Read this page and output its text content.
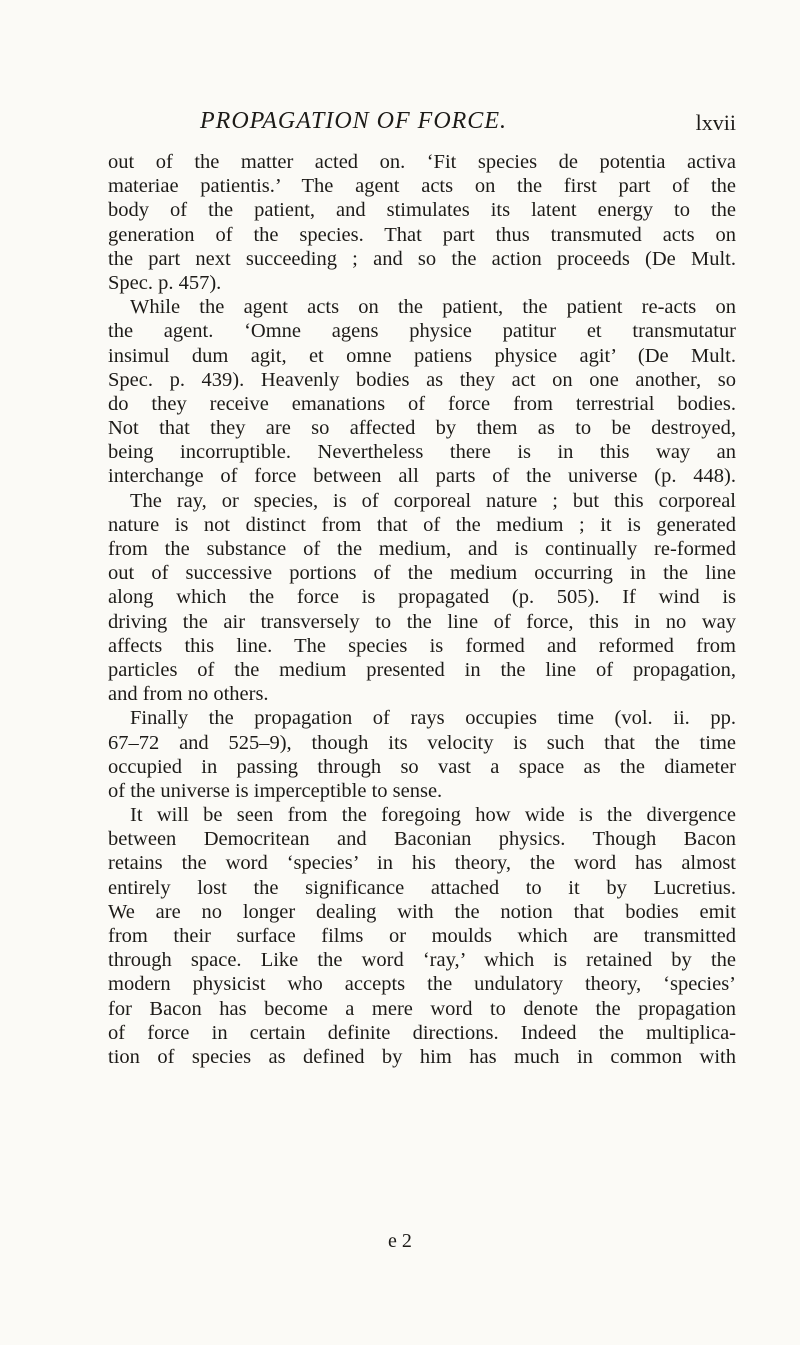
PROPAGATION OF FORCE.	lxvii
out of the matter acted on. ‘Fit species de potentia activa
materiae patientis.’ The agent acts on the first part of the
body of the patient, and stimulates its latent energy to the
generation of the species. That part thus transmuted acts on
the part next succeeding ; and so the action proceeds (De Mult.
Spec. p. 457).
While the agent acts on the patient, the patient re-acts on
the agent. ‘Omne agens physice patitur et transmutatur
insimul dum agit, et omne patiens physice agit’ (De Mult.
Spec. p. 439). Heavenly bodies as they act on one another, so
do they receive emanations of force from terrestrial bodies.
Not that they are so affected by them as to be destroyed,
being incorruptible. Nevertheless there is in this way an
interchange of force between all parts of the universe (p. 448).
The ray, or species, is of corporeal nature ; but this corporeal
nature is not distinct from that of the medium ; it is generated
from the substance of the medium, and is continually re-formed
out of successive portions of the medium occurring in the line
along which the force is propagated (p. 505). If wind is
driving the air transversely to the line of force, this in no way
affects this line. The species is formed and reformed from
particles of the medium presented in the line of propagation,
and from no others.
Finally the propagation of rays occupies time (vol. ii. pp.
67–72 and 525–9), though its velocity is such that the time
occupied in passing through so vast a space as the diameter
of the universe is imperceptible to sense.
It will be seen from the foregoing how wide is the divergence
between Democritean and Baconian physics. Though Bacon
retains the word ‘species’ in his theory, the word has almost
entirely lost the significance attached to it by Lucretius.
We are no longer dealing with the notion that bodies emit
from their surface films or moulds which are transmitted
through space. Like the word ‘ray,’ which is retained by the
modern physicist who accepts the undulatory theory, ‘species’
for Bacon has become a mere word to denote the propagation
of force in certain definite directions. Indeed the multiplica-
tion of species as defined by him has much in common with
e 2
